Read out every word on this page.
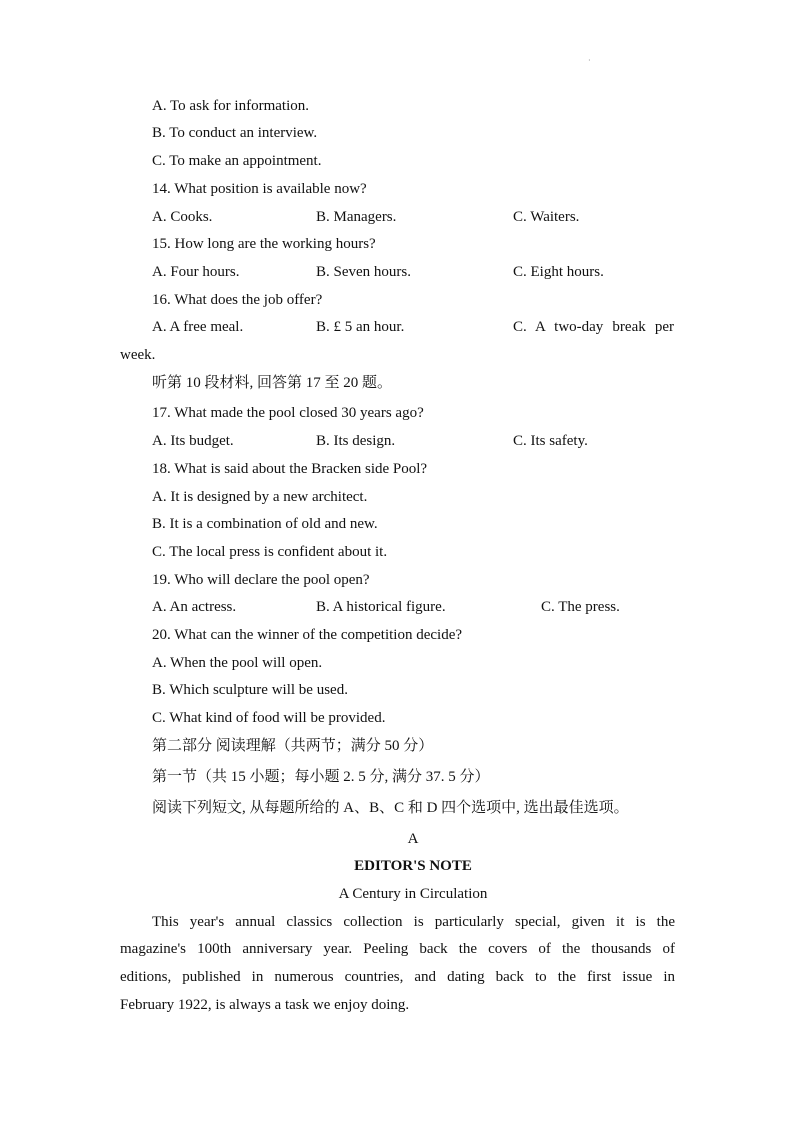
·
A. To ask for information.
B. To conduct an interview.
C. To make an appointment.
14. What position is available now?
A. Cooks.	B. Managers.	C. Waiters.
15. How long are the working hours?
A. Four hours.	B. Seven hours.	C. Eight hours.
16. What does the job offer?
A. A free meal.	B. £ 5 an hour.	C. A two-day break per
week.
听第 10 段材料, 回答第 17 至 20 题。
17. What made the pool closed 30 years ago?
A. Its budget.	B. Its design.	C. Its safety.
18. What is said about the Bracken side Pool?
A. It is designed by a new architect.
B. It is a combination of old and new.
C. The local press is confident about it.
19. Who will declare the pool open?
A. An actress.	B. A historical figure.	C. The press.
20. What can the winner of the competition decide?
A. When the pool will open.
B. Which sculpture will be used.
C. What kind of food will be provided.
第二部分 阅读理解（共两节；满分 50 分）
第一节（共 15 小题；每小题 2. 5 分, 满分 37. 5 分）
阅读下列短文, 从每题所给的 A、B、C 和 D 四个选项中, 选出最佳选项。
A
EDITOR'S NOTE
A Century in Circulation
This year's annual classics collection is particularly special, given it is the
magazine's 100th anniversary year. Peeling back the covers of the thousands of
editions, published in numerous countries, and dating back to the first issue in
February 1922, is always a task we enjoy doing.
